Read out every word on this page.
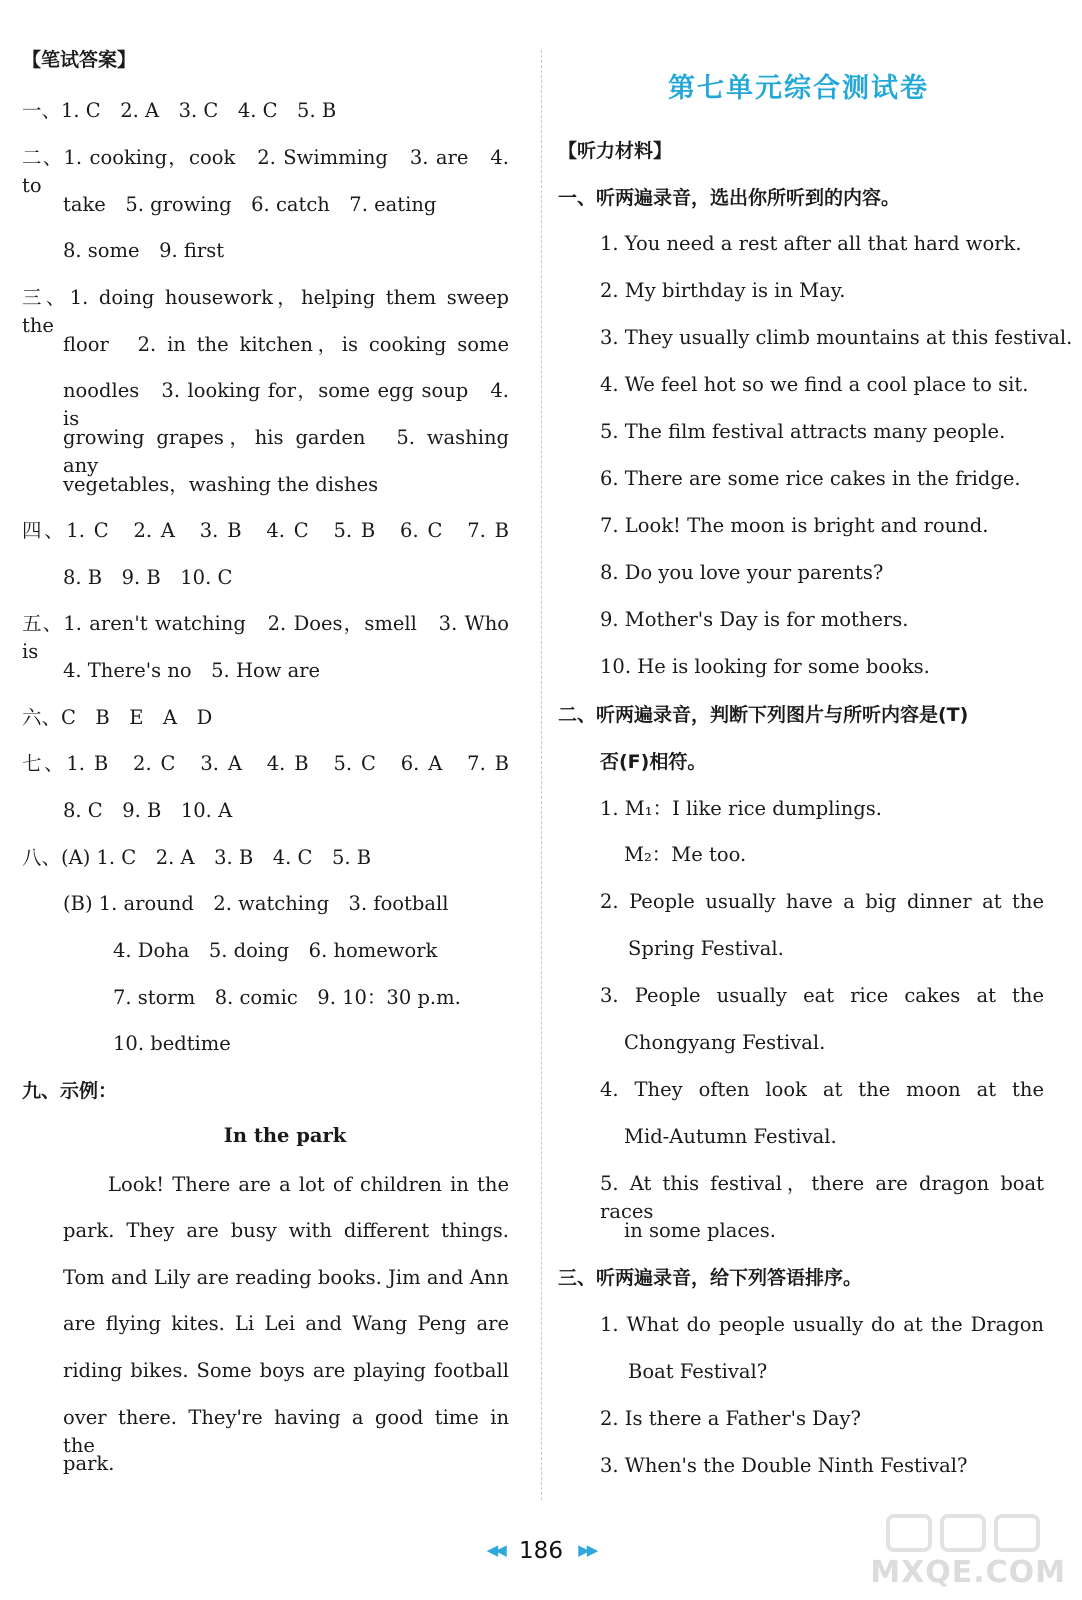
【笔试答案】
一、1. C　2. A　3. C　4. C　5. B
二、1. cooking，cook　2. Swimming　3. are　4. to
take　5. growing　6. catch　7. eating
8. some　9. first
三、1. doing housework，helping them sweep the
floor　2. in the kitchen，is cooking some
noodles　3. looking for，some egg soup　4. is
growing grapes，his garden　5. washing any
vegetables，washing the dishes
四、1. C　2. A　3. B　4. C　5. B　6. C　7. B
8. B　9. B　10. C
五、1. aren't watching　2. Does，smell　3. Who is
4. There's no　5. How are
六、C　B　E　A　D
七、1. B　2. C　3. A　4. B　5. C　6. A　7. B
8. C　9. B　10. A
八、(A) 1. C　2. A　3. B　4. C　5. B
(B) 1. around　2. watching　3. football
4. Doha　5. doing　6. homework
7. storm　8. comic　9. 10：30 p.m.
10. bedtime
九、示例：
In the park
Look! There are a lot of children in the
park. They are busy with different things.
Tom and Lily are reading books. Jim and Ann
are flying kites. Li Lei and Wang Peng are
riding bikes. Some boys are playing football
over there. They're having a good time in the
park.
第七单元综合测试卷
【听力材料】
一、听两遍录音，选出你所听到的内容。
1. You need a rest after all that hard work.
2. My birthday is in May.
3. They usually climb mountains at this festival.
4. We feel hot so we find a cool place to sit.
5. The film festival attracts many people.
6. There are some rice cakes in the fridge.
7. Look! The moon is bright and round.
8. Do you love your parents?
9. Mother's Day is for mothers.
10. He is looking for some books.
二、听两遍录音，判断下列图片与所听内容是(T)
否(F)相符。
1. M₁：I like rice dumplings.
M₂：Me too.
2. People usually have a big dinner at the
Spring Festival.
3. People usually eat rice cakes at the
Chongyang Festival.
4. They often look at the moon at the
Mid-Autumn Festival.
5. At this festival，there are dragon boat races
in some places.
三、听两遍录音，给下列答语排序。
1. What do people usually do at the Dragon
Boat Festival?
2. Is there a Father's Day?
3. When's the Double Ninth Festival?
◀◀ 186 ▶▶
MXQE.COM
